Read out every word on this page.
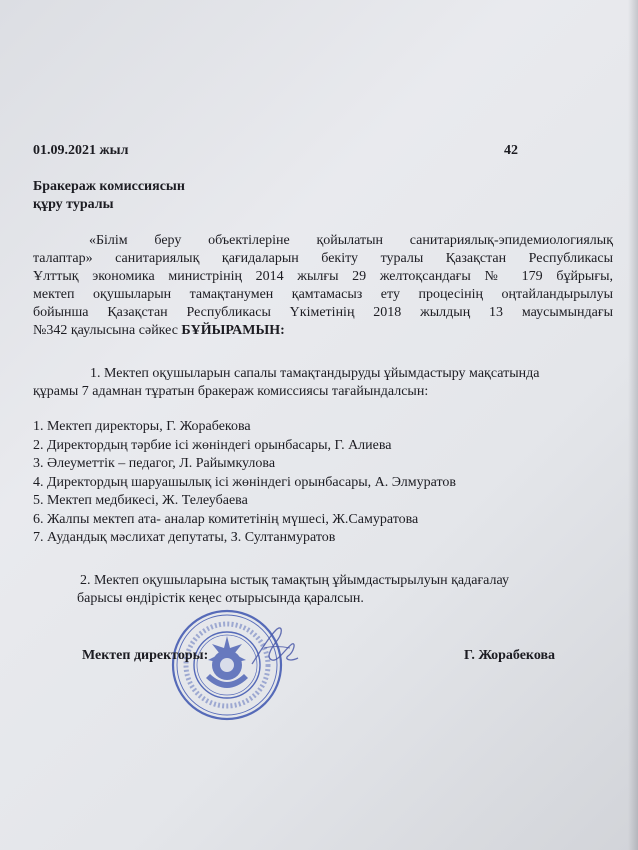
01.09.2021 жыл	42
Бракераж комиссиясын
құру туралы
«Білім беру объектілеріне қойылатын санитариялық-эпидемиологиялық
талаптар» санитариялық қағидаларын бекіту туралы Қазақстан Республикасы
Ұлттық экономика министрінің 2014 жылғы 29 желтоқсандағы № 179 бұйрығы,
мектеп оқушыларын тамақтанумен қамтамасыз ету процесінің оңтайландырылуы
бойынша Қазақстан Республикасы Үкіметінің 2018 жылдың 13 маусымындағы
№342 қаулысына сәйкес БҰЙЫРАМЫН:
1. Мектеп оқушыларын сапалы тамақтандыруды ұйымдастыру мақсатында
құрамы 7 адамнан тұратын бракераж комиссиясы тағайындалсын:
1. Мектеп директоры, Г. Жорабекова
2. Директордың тәрбие ісі жөніндегі орынбасары, Г. Алиева
3. Әлеуметтік – педагог, Л. Райымкулова
4. Директордың шаруашылық ісі жөніндегі орынбасары, А. Элмуратов
5. Мектеп медбикесі, Ж. Телеубаева
6. Жалпы мектеп ата- аналар комитетінің мүшесі, Ж.Самуратова
7. Аудандық мәслихат депутаты, З. Султанмуратов
2. Мектеп оқушыларына ыстық тамақтың ұйымдастырылуын қадағалау
барысы өндірістік кеңес отырысында қаралсын.
Мектеп директоры:	Г. Жорабекова
